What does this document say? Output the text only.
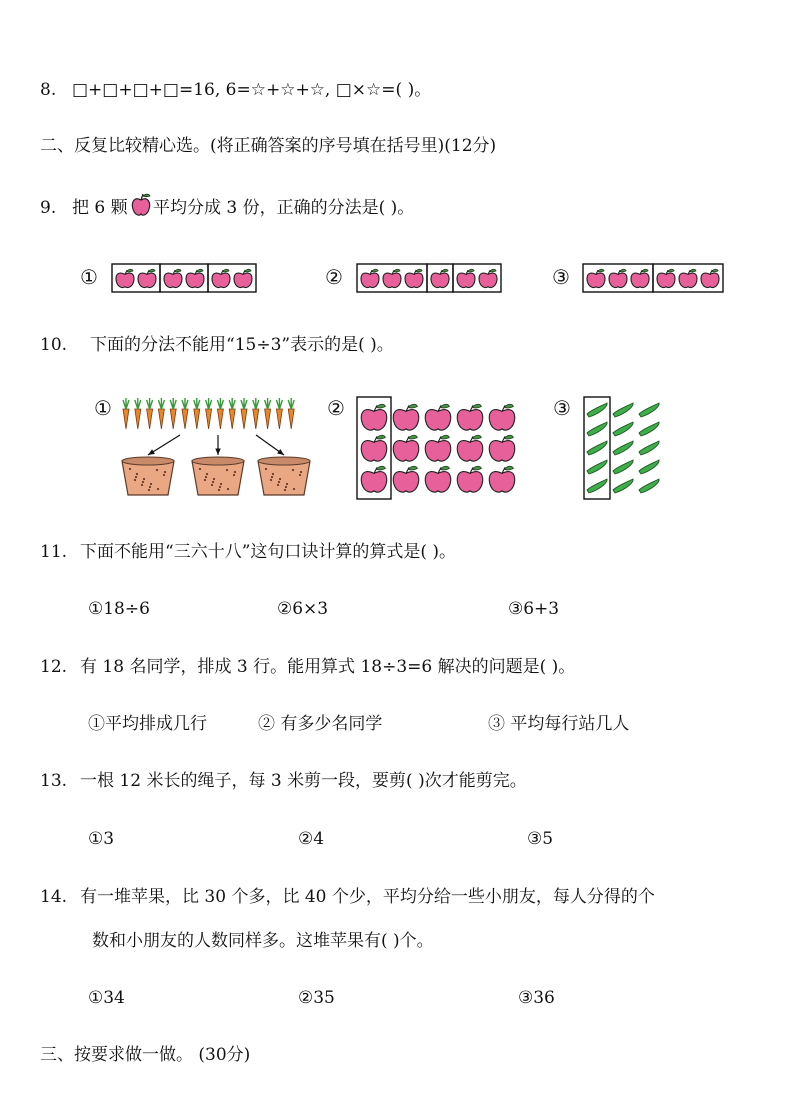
8. □+□+□+□=16, 6=☆+☆+☆, □×☆=( )。
二、反复比较精心选。(将正确答案的序号填在括号里)(12分)
9. 把 6 颗 平均分成 3 份，正确的分法是( )。
①	②	③
10. 下面的分法不能用“15÷3”表示的是( )。
①	②	③
11. 下面不能用“三六十八”这句口诀计算的算式是( )。
①18÷6	②6×3	③6+3
12. 有 18 名同学，排成 3 行。能用算式 18÷3=6 解决的问题是( )。
①平均排成几行	② 有多少名同学	③ 平均每行站几人
13. 一根 12 米长的绳子，每 3 米剪一段，要剪( )次才能剪完。
①3	②4	③5
14. 有一堆苹果，比 30 个多，比 40 个少，平均分给一些小朋友，每人分得的个
数和小朋友的人数同样多。这堆苹果有( )个。
①34	②35	③36
三、按要求做一做。 (30分)
